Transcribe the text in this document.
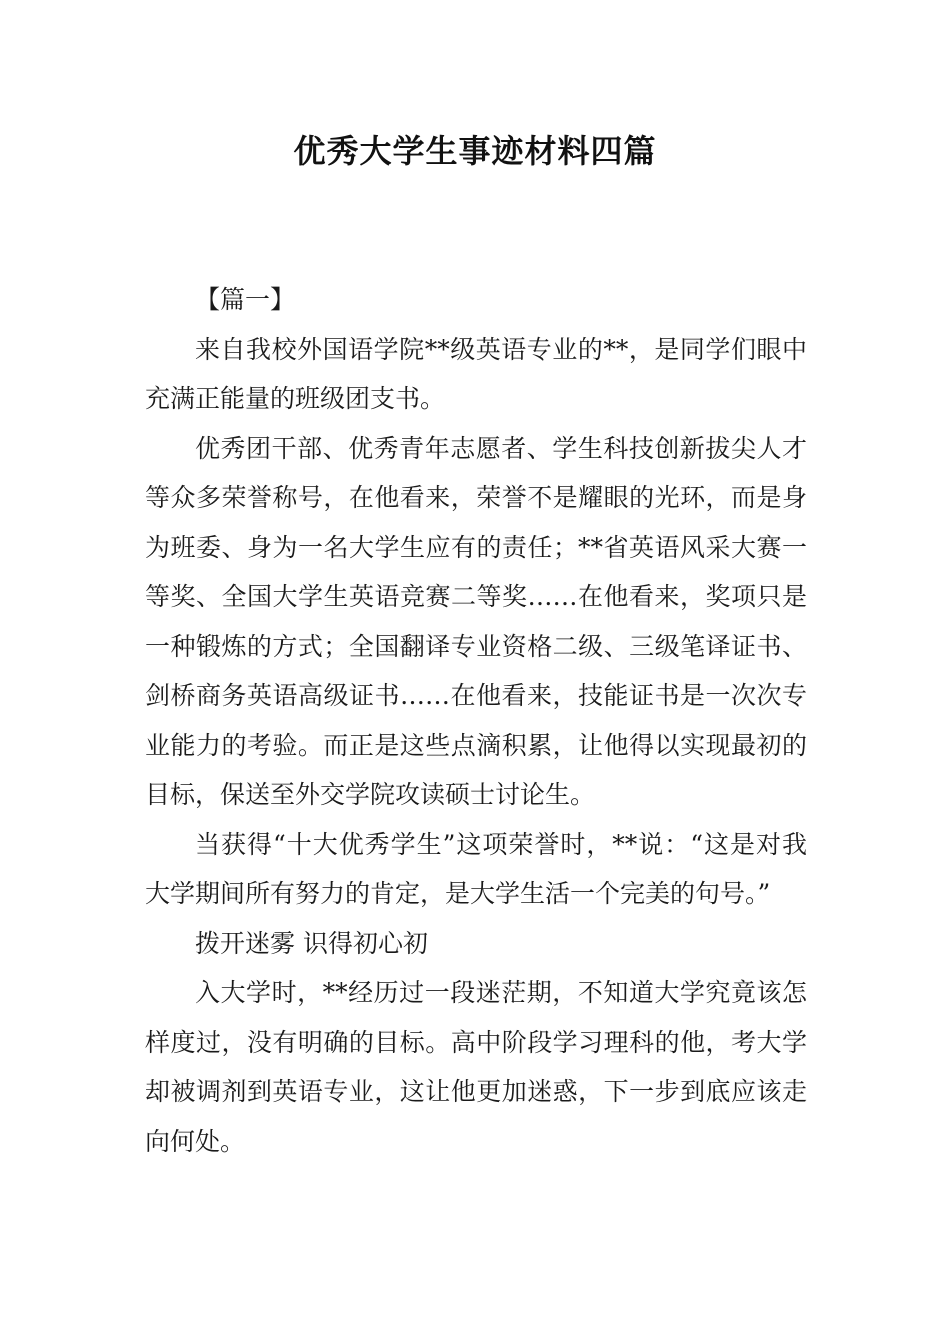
优秀大学生事迹材料四篇

【篇一】

来自我校外国语学院**级英语专业的**，是同学们眼中充满正能量的班级团支书。

优秀团干部、优秀青年志愿者、学生科技创新拔尖人才等众多荣誉称号，在他看来，荣誉不是耀眼的光环，而是身为班委、身为一名大学生应有的责任；**省英语风采大赛一等奖、全国大学生英语竞赛二等奖……在他看来，奖项只是一种锻炼的方式；全国翻译专业资格二级、三级笔译证书、剑桥商务英语高级证书……在他看来，技能证书是一次次专业能力的考验。而正是这些点滴积累，让他得以实现最初的目标，保送至外交学院攻读硕士讨论生。

当获得“十大优秀学生”这项荣誉时，**说：“这是对我大学期间所有努力的肯定，是大学生活一个完美的句号。”

拨开迷雾 识得初心初

入大学时，**经历过一段迷茫期，不知道大学究竟该怎样度过，没有明确的目标。高中阶段学习理科的他，考大学却被调剂到英语专业，这让他更加迷惑，下一步到底应该走向何处。
